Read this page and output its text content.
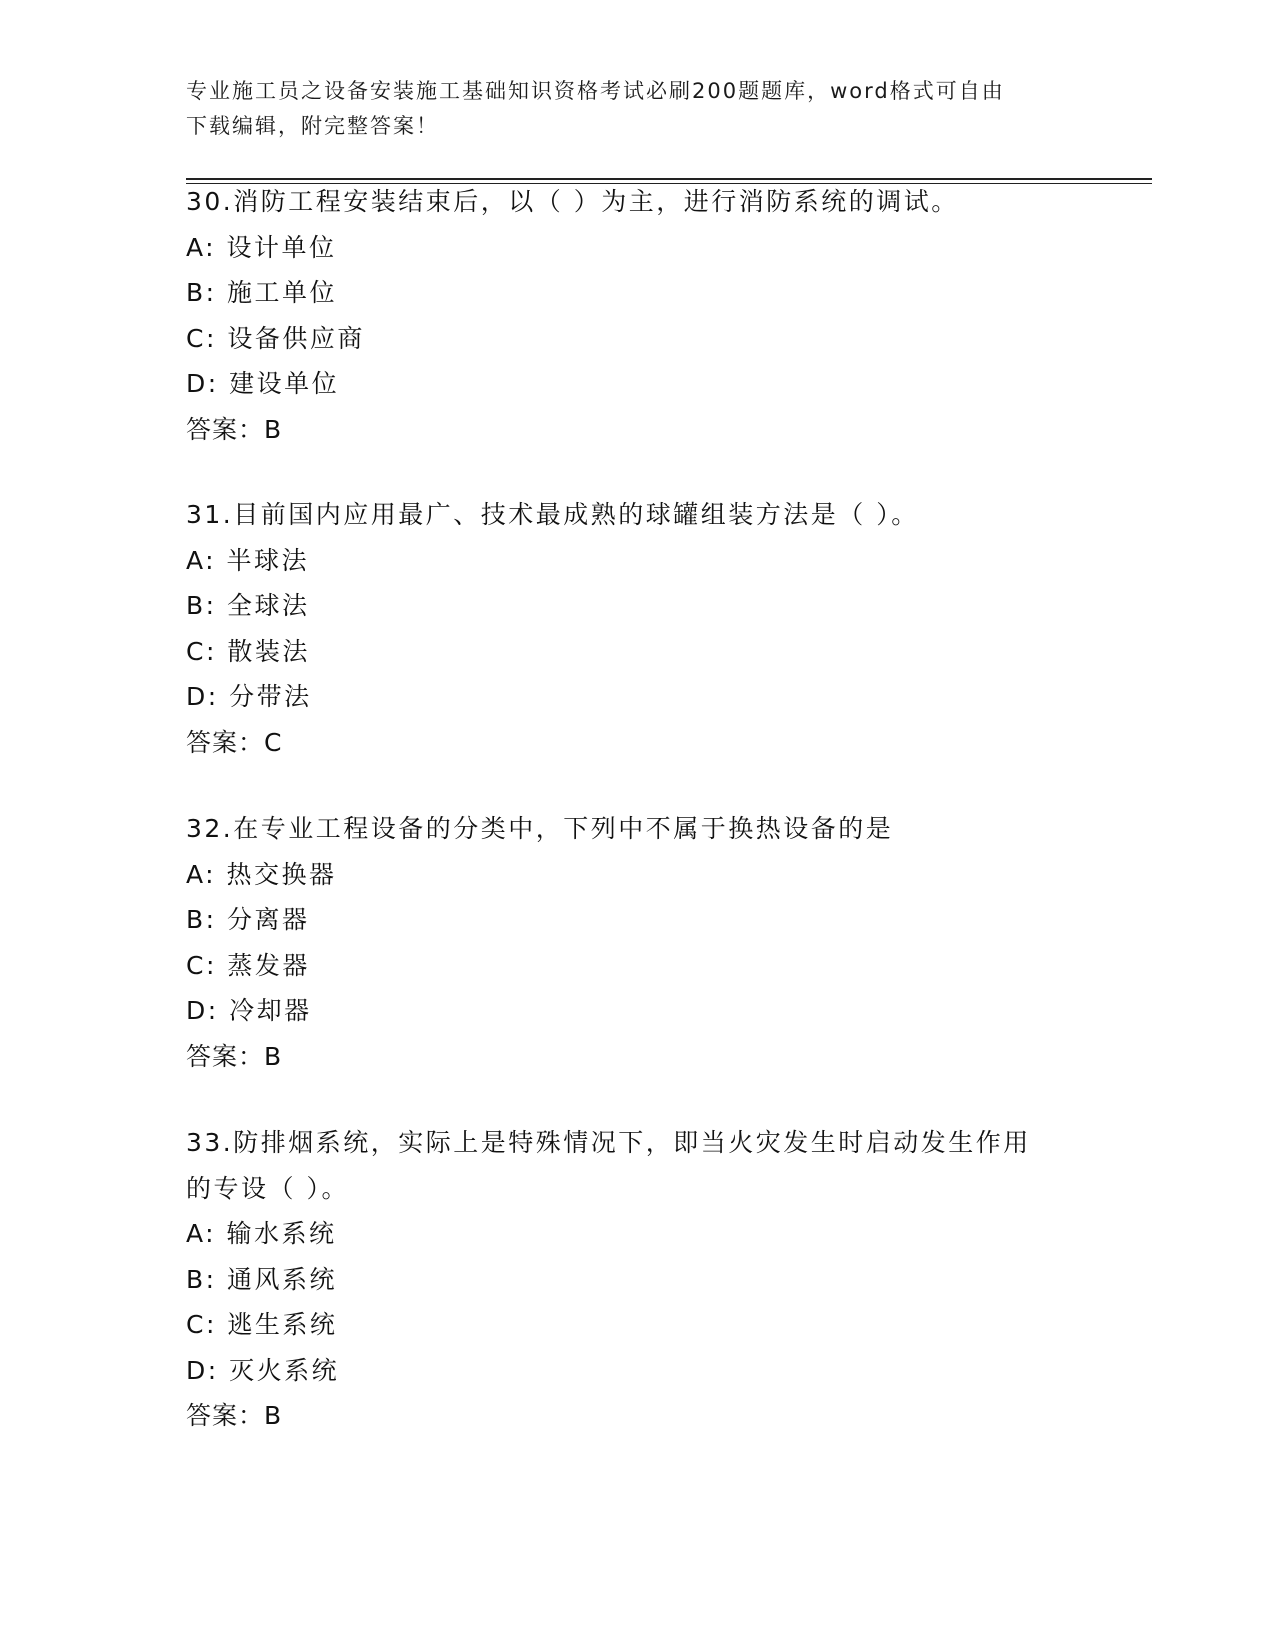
专业施工员之设备安装施工基础知识资格考试必刷200题题库，word格式可自由
下载编辑，附完整答案！
30.消防工程安装结束后，以（ ）为主，进行消防系统的调试。
A: 设计单位
B: 施工单位
C: 设备供应商
D: 建设单位
答案：B
31.目前国内应用最广、技术最成熟的球罐组装方法是（ ）。
A: 半球法
B: 全球法
C: 散装法
D: 分带法
答案：C
32.在专业工程设备的分类中，下列中不属于换热设备的是
A: 热交换器
B: 分离器
C: 蒸发器
D: 冷却器
答案：B
33.防排烟系统，实际上是特殊情况下，即当火灾发生时启动发生作用
的专设（ ）。
A: 输水系统
B: 通风系统
C: 逃生系统
D: 灭火系统
答案：B
